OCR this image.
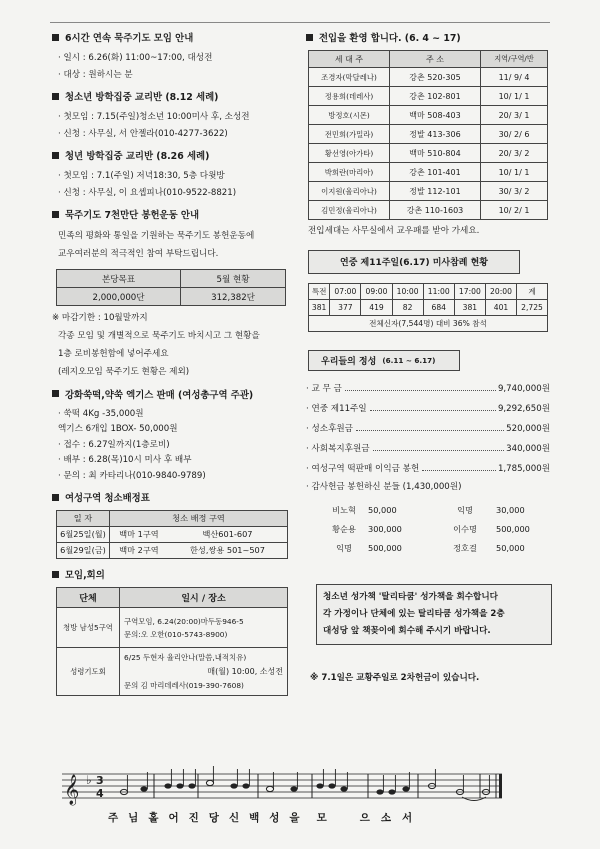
6시간 연속 묵주기도 모임 안내
· 일시 : 6.26(화) 11:00~17:00, 대성전
· 대상 : 원하시는 분
청소년 방학집중 교리반 (8.12 세례)
· 첫모임 : 7.15(주일)청소년 10:00미사 후, 소성전
· 신청 : 사무실, 서 안젤라(010-4277-3622)
청년 방학집중 교리반 (8.26 세례)
· 첫모임 : 7.1(주일) 저녁18:30, 5층 다윗방
· 신청 : 사무실, 이 요셉피나(010-9522-8821)
묵주기도 7천만단 봉헌운동 안내
민족의 평화와 통일을 기원하는 묵주기도 봉헌운동에
교우여러분의 적극적인 참여 부탁드립니다.
본당목표	5월 현황
2,000,000단	312,382단
※ 마감기한 : 10월말까지
각종 모임 및 개별적으로 묵주기도 바치시고 그 현황을
1층 로비봉헌함에 넣어주세요
(레지오모임 묵주기도 현황은 제외)
강화쑥떡,약쑥 엑기스 판매 (여성총구역 주관)
· 쑥떡 4Kg -35,000원
엑기스 6개입 1BOX- 50,000원
· 접수 : 6.27일까지(1층로비)
· 배부 : 6.28(목)10시 미사 후 배부
· 문의 : 최 카타리나(010-9840-9789)
여성구역 청소배정표
일 자	청소 배정 구역	
6월25일(월)	백마 1구역	백산601-607
6월29일(금)	백마 2구역	한성,쌍용 501~507
모임,회의
단체	일시 / 장소
청방 남성5구역	구역모임, 6.24(20:00)마두동946-5
문의:오 오한(010-5743-8900)

성령기도회	6/25 두현자 율리안나(말씀,내적치유)
매(월) 10:00, 소성전
문의 김 마리데레사(019-390-7608)
전입을 환영 합니다. (6. 4 ~ 17)
세 대 주	주 소	지역/구역/반
조경자(막달레나)	강촌 520-305	11/ 9/ 4
정용희(데레사)	강촌 102-801	10/ 1/ 1
방정호(시몬)	백마 508-403	20/ 3/ 1
전민희(가밀라)	정발 413-306	30/ 2/ 6
황선영(아가타)	백마 510-804	20/ 3/ 2
박희란(마리아)	강촌 101-401	10/ 1/ 1
이지원(율리아나)	정발 112-101	30/ 3/ 2
김민정(율리아나)	강촌 110-1603	10/ 2/ 1
전입세대는 사무실에서 교우패를 받아 가세요.
연중 제11주일(6.17) 미사참례 현황
특전	07:00	09:00	10:00	11:00	17:00	20:00	계
381	377	419	82	684	381	401	2,725
전체신자(7,544명) 대비 36% 참석							
우리들의 정성 (6.11 ~ 6.17)
· 교 무 금	9,740,000원
· 연중 제11주일	9,292,650원
· 성소후원금	520,000원
· 사회복지후원금	340,000원
· 여성구역 떡판매 이익금 봉헌	1,785,000원
· 감사헌금 봉헌하신 분들 (1,430,000원)
비노혁	50,000	익명	30,000
황순용	300,000	이수명	500,000
익명	500,000	정호걸	50,000
청소년 성가책 '탈리타쿰' 성가책을 회수합니다
각 가정이나 단체에 있는 탈리타쿰 성가책을 2층
대성당 앞 책꽂이에 회수해 주시기 바랍니다.
※ 7.1일은 교황주일로 2차헌금이 있습니다.
𝄞 ♭ 3
4
주 님 홀 어 진 당 신 백 성 을 모	으 소 서
